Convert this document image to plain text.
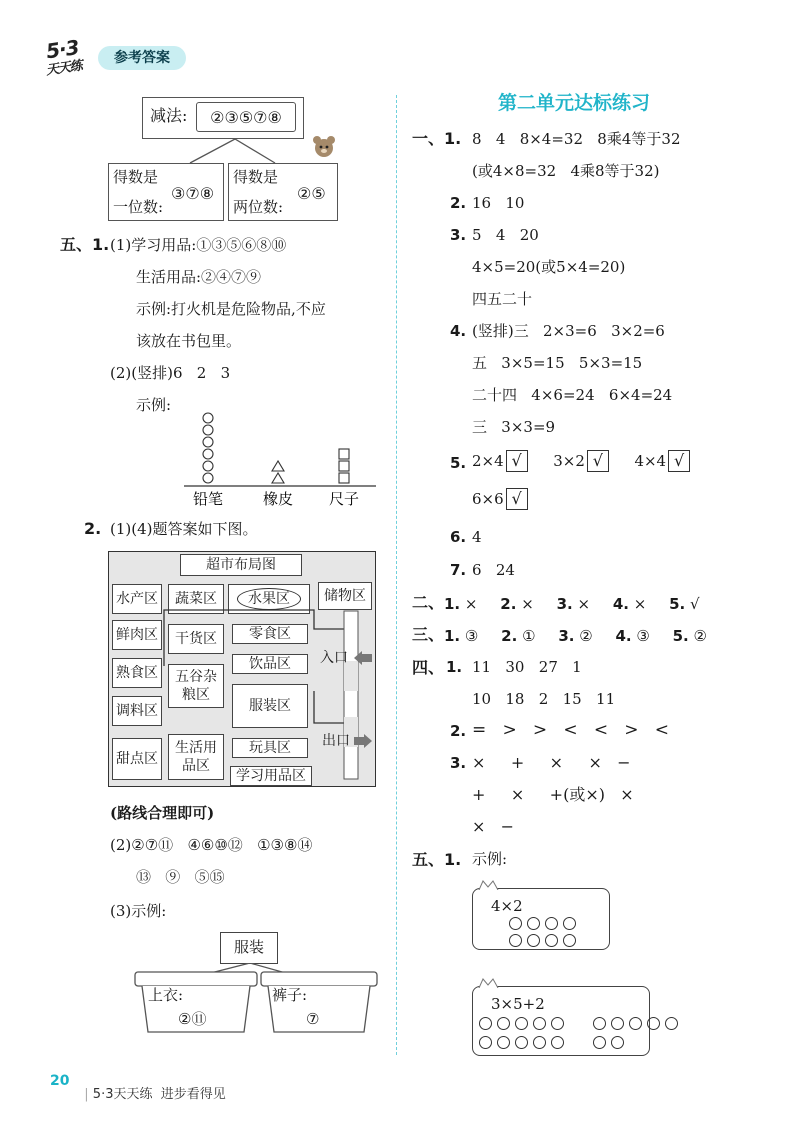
5·3
天天练
参考答案
减法: ②③⑤⑦⑧
得数是
一位数:
③⑦⑧
得数是
两位数:
②⑤
五、1. (1)学习用品:①③⑤⑥⑧⑩
生活用品:②④⑦⑨
示例:打火机是危险物品,不应
该放在书包里。
(2)(竖排)6   2   3
示例:
铅笔	橡皮 尺子
2. (1)(4)题答案如下图。
超市布局图
水产区	蔬菜区	水果区	储物区
鲜肉区	干货区	零食区
饮品区
熟食区 五谷杂粮区
服装区
调料区
甜点区
生活用品区
玩具区
学习用品区
入口
出口
(路线合理即可)
(2)②⑦⑪   ④⑥⑩⑫   ①③⑧⑭
⑬   ⑨   ⑤⑮
(3)示例:
服装
上衣:
②⑪
裤子:
⑦
第二单元达标练习
一、1. 8   4   8×4=32   8乘4等于32
(或4×8=32   4乘8等于32)
2. 16   10
3. 5   4   20
4×5=20(或5×4=20)
四五二十
4. (竖排)三   2×3=6   3×2=6
五   3×5=15   5×3=15
二十四   4×6=24   6×4=24
三   3×3=9
5. 2×4 √ 3×2 √ 4×4 √
6×6 √
6. 4
7. 6   24
二、 1. × 2. × 3. × 4. × 5. √
三、 1. ③ 2. ① 3. ② 4. ③ 5. ②
四、 1. 11   30   27   1
10   18   2   15   11
2. =   >   >   <   <   >   <
3. ×     +     ×     ×   −
+     ×     +(或×)   ×
×   −
五、1. 示例:
4×2
3×5+2

20

| 5·3天天练  进步看得见
